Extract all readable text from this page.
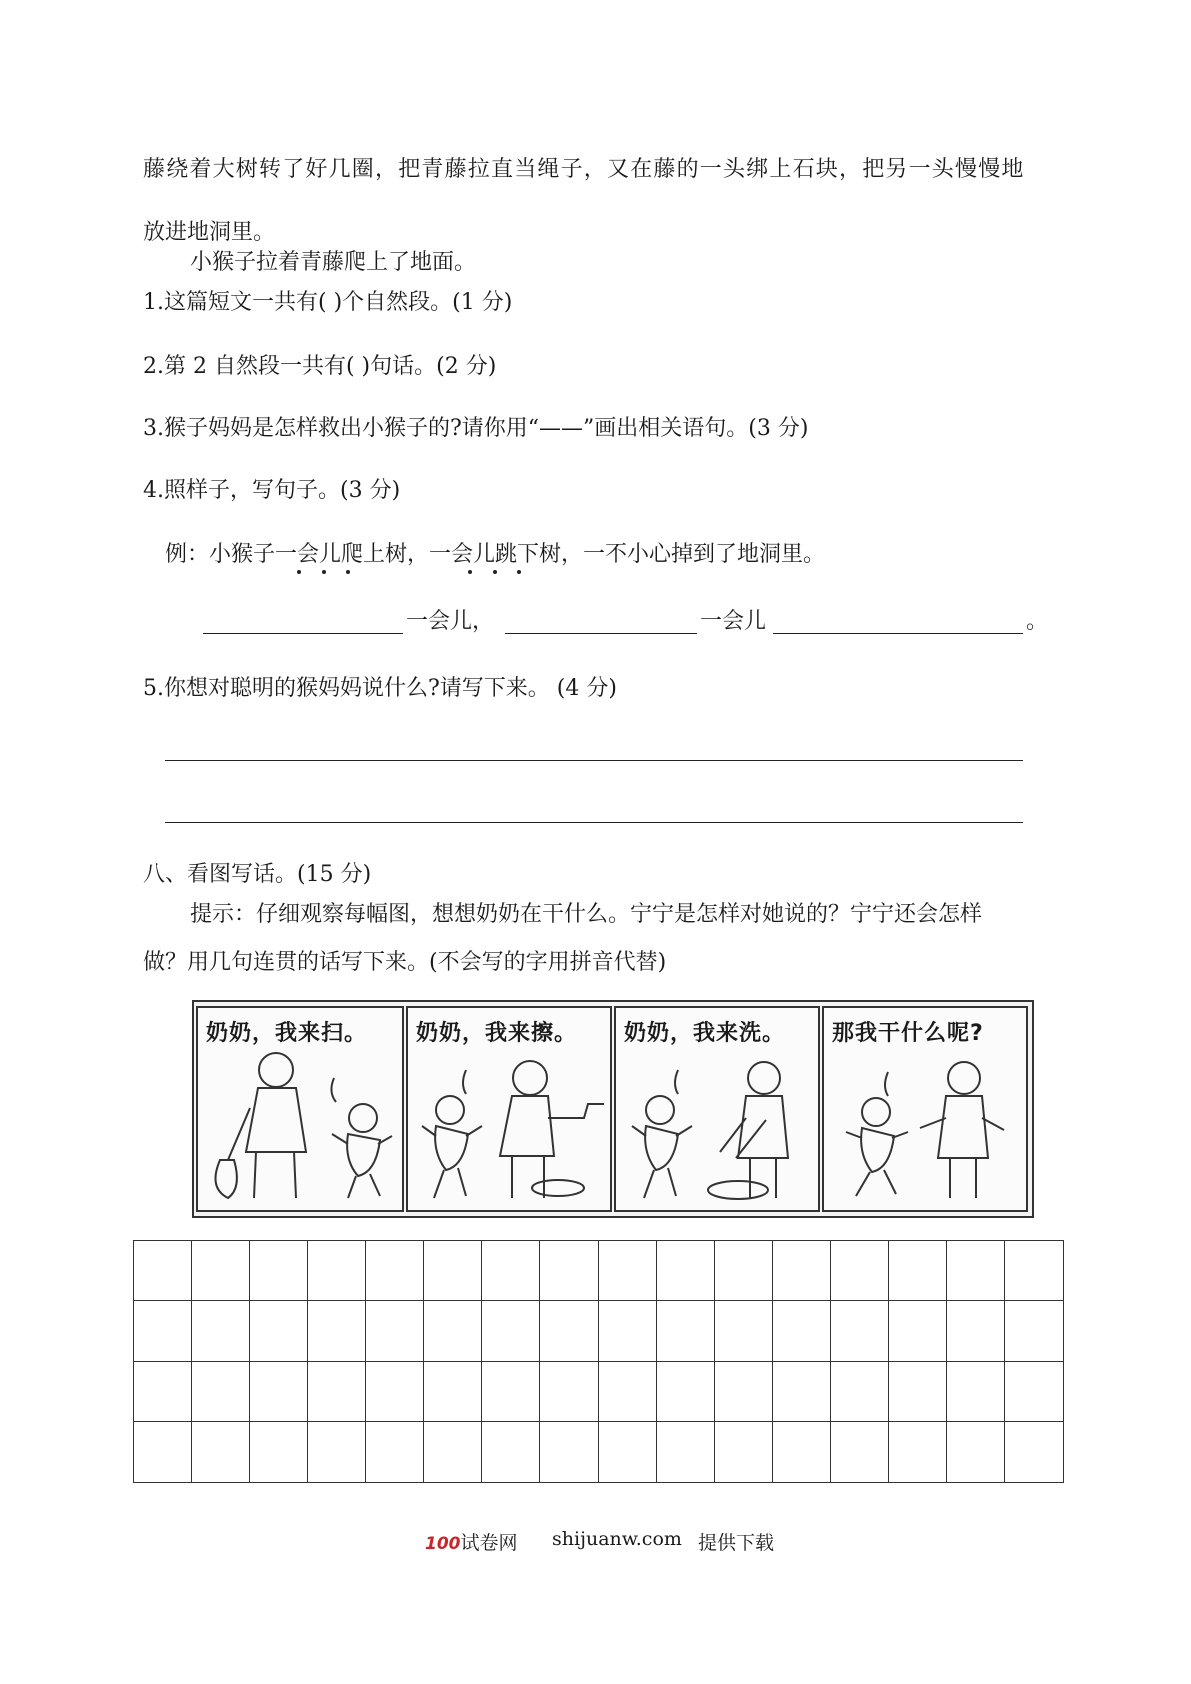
藤绕着大树转了好几圈，把青藤拉直当绳子，又在藤的一头绑上石块，把另一头慢慢地
放进地洞里。
小猴子拉着青藤爬上了地面。
1.这篇短文一共有( )个自然段。(1 分)
2.第 2 自然段一共有( )句话。(2 分)
3.猴子妈妈是怎样救出小猴子的?请你用“——”画出相关语句。(3 分)
4.照样子，写句子。(3 分)
例：小猴子一会儿爬上树，一会儿跳下树，一不小心掉到了地洞里。
一会儿，	一会儿	。
5.你想对聪明的猴妈妈说什么?请写下来。 (4 分)
八、看图写话。(15 分)
提示：仔细观察每幅图，想想奶奶在干什么。宁宁是怎样对她说的？宁宁还会怎样
做？用几句连贯的话写下来。(不会写的字用拼音代替)
奶奶，我来扫。 奶奶，我来擦。 奶奶，我来洗。 那我干什么呢?
100试卷网 shijuanw.com 提供下载
